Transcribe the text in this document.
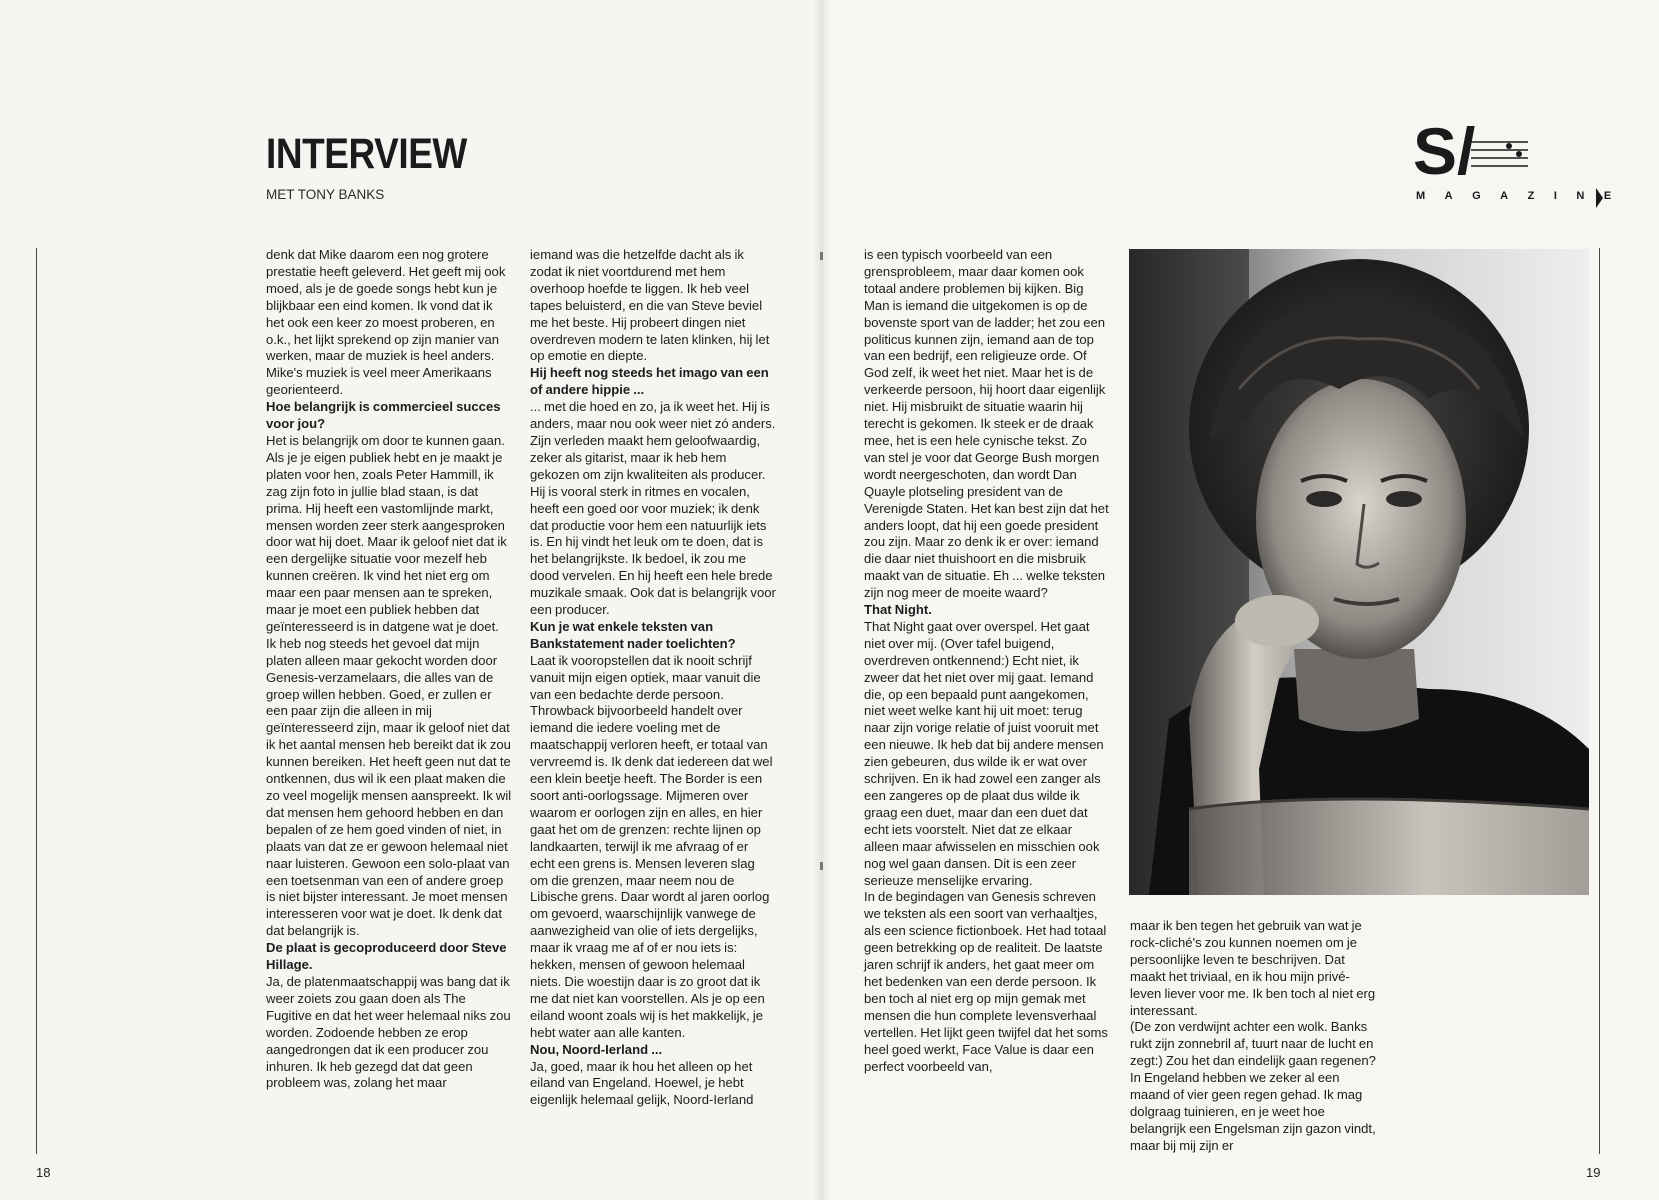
INTERVIEW
MET TONY BANKS

denk dat Mike daarom een nog grotere prestatie heeft geleverd. Het geeft mij ook moed, als je de goede songs hebt kun je blijkbaar een eind komen. Ik vond dat ik het ook een keer zo moest proberen, en o.k., het lijkt sprekend op zijn manier van werken, maar de muziek is heel anders. Mike's muziek is veel meer Amerikaans georienteerd.

Hoe belangrijk is commercieel succes voor jou?

Het is belangrijk om door te kunnen gaan. Als je je eigen publiek hebt en je maakt je platen voor hen, zoals Peter Hammill, ik zag zijn foto in jullie blad staan, is dat prima. Hij heeft een vastomlijnde markt, mensen worden zeer sterk aangesproken door wat hij doet. Maar ik geloof niet dat ik een dergelijke situatie voor mezelf heb kunnen creëren. Ik vind het niet erg om maar een paar mensen aan te spreken, maar je moet een publiek hebben dat geïnteresseerd is in datgene wat je doet. Ik heb nog steeds het gevoel dat mijn platen alleen maar gekocht worden door Genesis-verzamelaars, die alles van de groep willen hebben. Goed, er zullen er een paar zijn die alleen in mij geïnteresseerd zijn, maar ik geloof niet dat ik het aantal mensen heb bereikt dat ik zou kunnen bereiken. Het heeft geen nut dat te ontkennen, dus wil ik een plaat maken die zo veel mogelijk mensen aanspreekt. Ik wil dat mensen hem gehoord hebben en dan bepalen of ze hem goed vinden of niet, in plaats van dat ze er gewoon helemaal niet naar luisteren. Gewoon een solo-plaat van een toetsenman van een of andere groep is niet bijster interessant. Je moet mensen interesseren voor wat je doet. Ik denk dat dat belangrijk is.

De plaat is gecoproduceerd door Steve Hillage.

Ja, de platenmaatschappij was bang dat ik weer zoiets zou gaan doen als The Fugitive en dat het weer helemaal niks zou worden. Zodoende hebben ze erop aangedrongen dat ik een producer zou inhuren. Ik heb gezegd dat dat geen probleem was, zolang het maar

iemand was die hetzelfde dacht als ik zodat ik niet voortdurend met hem overhoop hoefde te liggen. Ik heb veel tapes beluisterd, en die van Steve beviel me het beste. Hij probeert dingen niet overdreven modern te laten klinken, hij let op emotie en diepte.

Hij heeft nog steeds het imago van een of andere hippie ...

... met die hoed en zo, ja ik weet het. Hij is anders, maar nou ook weer niet zó anders. Zijn verleden maakt hem geloofwaardig, zeker als gitarist, maar ik heb hem gekozen om zijn kwaliteiten als producer. Hij is vooral sterk in ritmes en vocalen, heeft een goed oor voor muziek; ik denk dat productie voor hem een natuurlijk iets is. En hij vindt het leuk om te doen, dat is het belangrijkste. Ik bedoel, ik zou me dood vervelen. En hij heeft een hele brede muzikale smaak. Ook dat is belangrijk voor een producer.

Kun je wat enkele teksten van Bankstatement nader toelichten?

Laat ik vooropstellen dat ik nooit schrijf vanuit mijn eigen optiek, maar vanuit die van een bedachte derde persoon. Throwback bijvoorbeeld handelt over iemand die iedere voeling met de maatschappij verloren heeft, er totaal van vervreemd is. Ik denk dat iedereen dat wel een klein beetje heeft. The Border is een soort anti-oorlogssage. Mijmeren over waarom er oorlogen zijn en alles, en hier gaat het om de grenzen: rechte lijnen op landkaarten, terwijl ik me afvraag of er echt een grens is. Mensen leveren slag om die grenzen, maar neem nou de Libische grens. Daar wordt al jaren oorlog om gevoerd, waarschijnlijk vanwege de aanwezigheid van olie of iets dergelijks, maar ik vraag me af of er nou iets is: hekken, mensen of gewoon helemaal niets. Die woestijn daar is zo groot dat ik me dat niet kan voorstellen. Als je op een eiland woont zoals wij is het makkelijk, je hebt water aan alle kanten.

Nou, Noord-Ierland ...

Ja, goed, maar ik hou het alleen op het eiland van Engeland. Hoewel, je hebt eigenlijk helemaal gelijk, Noord-Ierland

is een typisch voorbeeld van een grensprobleem, maar daar komen ook totaal andere problemen bij kijken. Big Man is iemand die uitgekomen is op de bovenste sport van de ladder; het zou een politicus kunnen zijn, iemand aan de top van een bedrijf, een religieuze orde. Of God zelf, ik weet het niet. Maar het is de verkeerde persoon, hij hoort daar eigenlijk niet. Hij misbruikt de situatie waarin hij terecht is gekomen. Ik steek er de draak mee, het is een hele cynische tekst. Zo van stel je voor dat George Bush morgen wordt neergeschoten, dan wordt Dan Quayle plotseling president van de Verenigde Staten. Het kan best zijn dat het anders loopt, dat hij een goede president zou zijn. Maar zo denk ik er over: iemand die daar niet thuishoort en die misbruik maakt van de situatie. Eh ... welke teksten zijn nog meer de moeite waard?

That Night.

That Night gaat over overspel. Het gaat niet over mij. (Over tafel buigend, overdreven ontkennend:) Echt niet, ik zweer dat het niet over mij gaat. Iemand die, op een bepaald punt aangekomen, niet weet welke kant hij uit moet: terug naar zijn vorige relatie of juist vooruit met een nieuwe. Ik heb dat bij andere mensen zien gebeuren, dus wilde ik er wat over schrijven. En ik had zowel een zanger als een zangeres op de plaat dus wilde ik graag een duet, maar dan een duet dat echt iets voorstelt. Niet dat ze elkaar alleen maar afwisselen en misschien ook nog wel gaan dansen. Dit is een zeer serieuze menselijke ervaring.

In de begindagen van Genesis schreven we teksten als een soort van verhaaltjes, als een science fictionboek. Het had totaal geen betrekking op de realiteit. De laatste jaren schrijf ik anders, het gaat meer om het bedenken van een derde persoon. Ik ben toch al niet erg op mijn gemak met mensen die hun complete levensverhaal vertellen. Het lijkt geen twijfel dat het soms heel goed werkt, Face Value is daar een perfect voorbeeld van,

maar ik ben tegen het gebruik van wat je rock-cliché's zou kunnen noemen om je persoonlijke leven te beschrijven. Dat maakt het triviaal, en ik hou mijn privé-leven liever voor me. Ik ben toch al niet erg interessant.

(De zon verdwijnt achter een wolk. Banks rukt zijn zonnebril af, tuurt naar de lucht en zegt:) Zou het dan eindelijk gaan regenen? In Engeland hebben we zeker al een maand of vier geen regen gehad. Ik mag dolgraag tuinieren, en je weet hoe belangrijk een Engelsman zijn gazon vindt, maar bij mij zijn er

S/
MAGAZINE
18	19
